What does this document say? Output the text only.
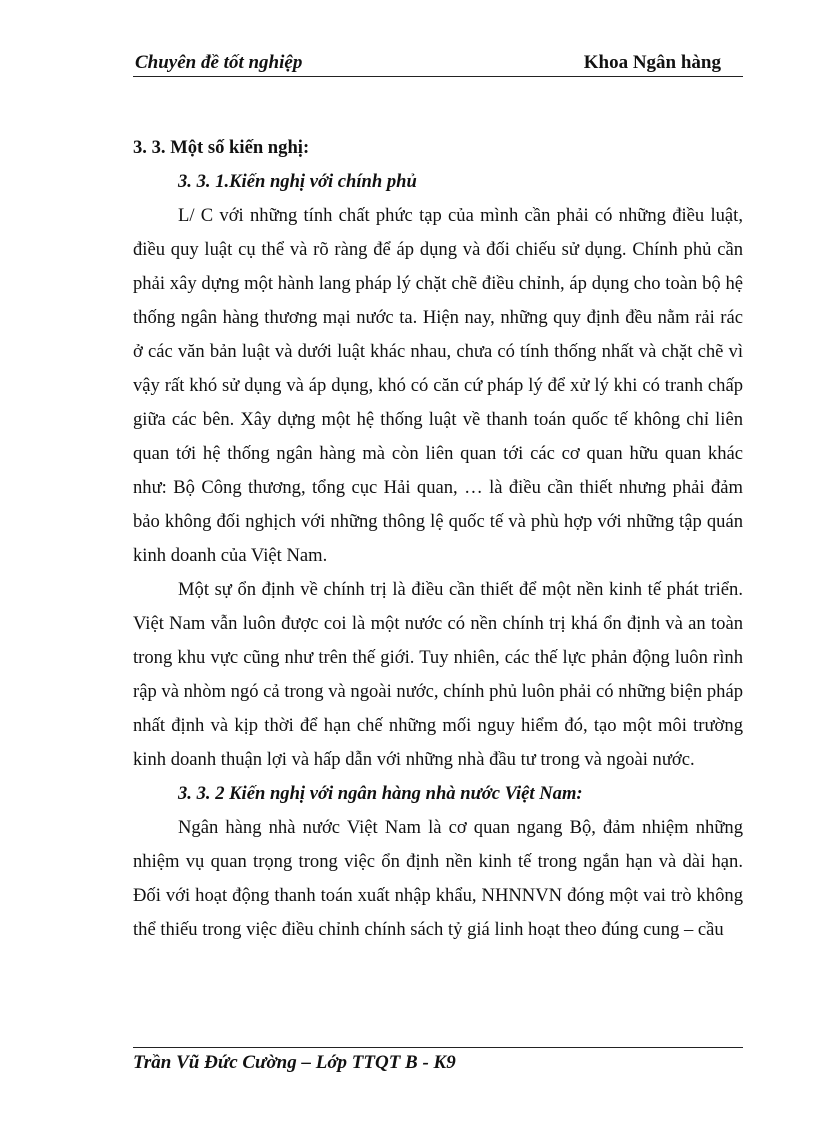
Chuyên đề tốt nghiệp	Khoa Ngân hàng

3. 3. Một số kiến nghị:

3. 3. 1.Kiến nghị với chính phủ

L/ C với những tính chất phức tạp của mình cần phải có những điều luật, điều quy luật cụ thể và rõ ràng để áp dụng và đối chiếu sử dụng. Chính phủ cần phải xây dựng một hành lang pháp lý chặt chẽ điều chỉnh, áp dụng cho toàn bộ hệ thống ngân hàng thương mại nước ta. Hiện nay, những quy định đều nằm rải rác ở các văn bản luật và dưới luật khác nhau, chưa có tính thống nhất và chặt chẽ vì vậy rất khó sử dụng và áp dụng, khó có căn cứ pháp lý để xử lý khi có tranh chấp giữa các bên. Xây dựng một hệ thống luật về thanh toán quốc tế không chỉ liên quan tới hệ thống ngân hàng mà còn liên quan tới các cơ quan hữu quan khác như: Bộ Công thương, tổng cục Hải quan, … là điều cần thiết nhưng phải đảm bảo không đối nghịch với những thông lệ quốc tế và phù hợp với những tập quán kinh doanh của Việt Nam.

Một sự ổn định về chính trị là điều cần thiết để một nền kinh tế phát triển. Việt Nam vẫn luôn được coi là một nước có nền chính trị khá ổn định và an toàn trong khu vực cũng như trên thế giới. Tuy nhiên, các thế lực phản động luôn rình rập và nhòm ngó cả trong và ngoài nước, chính phủ luôn phải có những biện pháp nhất định và kịp thời để hạn chế những mối nguy hiểm đó, tạo một môi trường kinh doanh thuận lợi và hấp dẫn với những nhà đầu tư trong và ngoài nước.

3. 3. 2 Kiến nghị với ngân hàng nhà nước Việt Nam:

Ngân hàng nhà nước Việt Nam là cơ quan ngang Bộ, đảm nhiệm những nhiệm vụ quan trọng trong việc ổn định nền kinh tế trong ngắn hạn và dài hạn. Đối với hoạt động thanh toán xuất nhập khẩu, NHNNVN đóng một vai trò không thể thiếu trong việc điều chỉnh chính sách tỷ giá linh hoạt theo đúng cung – cầu

Trần Vũ Đức Cường – Lớp TTQT B - K9
